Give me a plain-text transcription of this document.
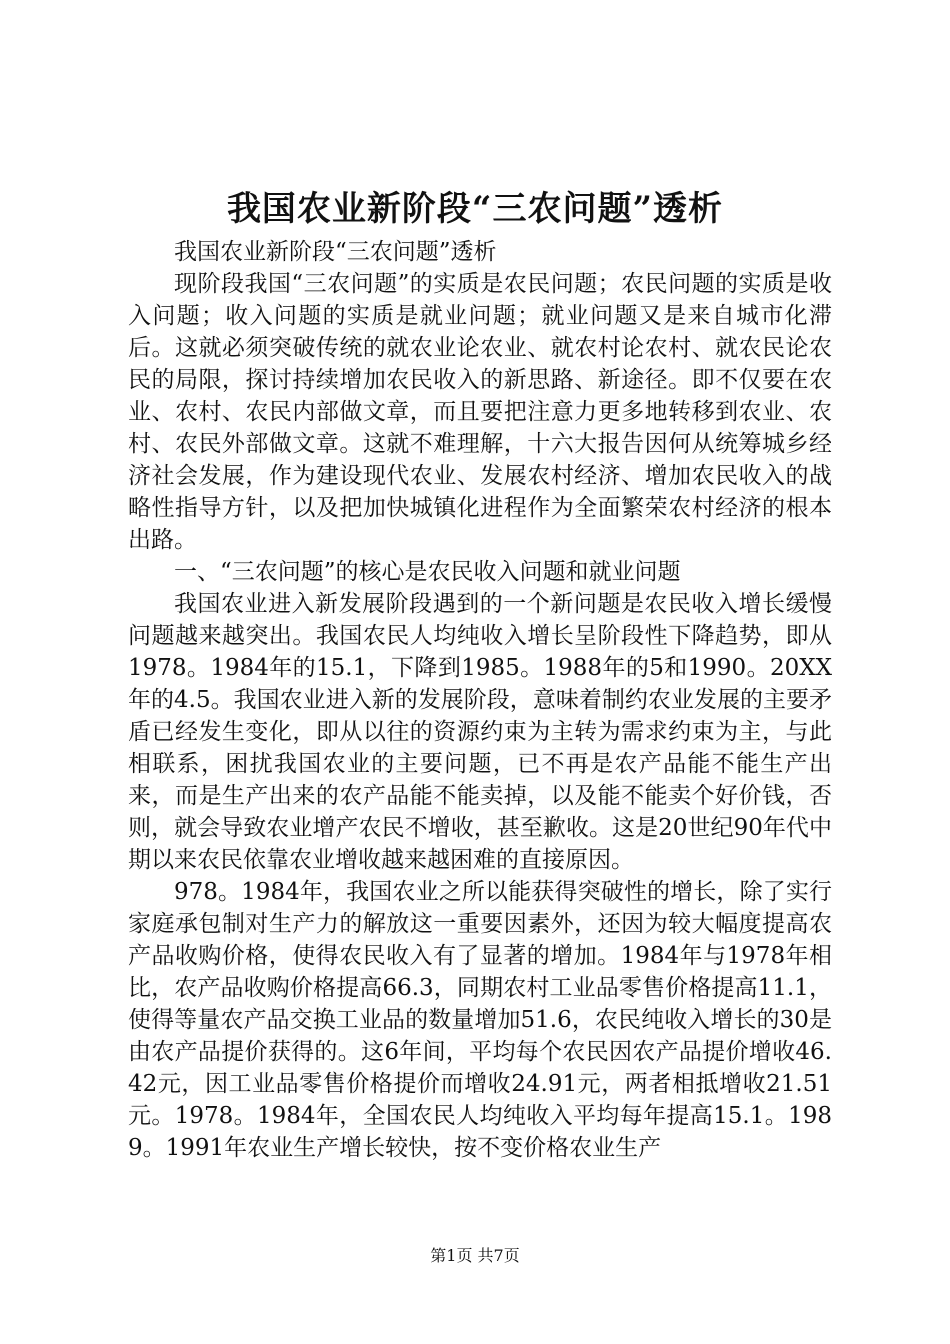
我国农业新阶段“三农问题”透析

我国农业新阶段“三农问题”透析

现阶段我国“三农问题”的实质是农民问题；农民问题的实质是收入问题；收入问题的实质是就业问题；就业问题又是来自城市化滞后。这就必须突破传统的就农业论农业、就农村论农村、就农民论农民的局限，探讨持续增加农民收入的新思路、新途径。即不仅要在农业、农村、农民内部做文章，而且要把注意力更多地转移到农业、农村、农民外部做文章。这就不难理解，十六大报告因何从统筹城乡经济社会发展，作为建设现代农业、发展农村经济、增加农民收入的战略性指导方针，以及把加快城镇化进程作为全面繁荣农村经济的根本出路。

一、“三农问题”的核心是农民收入问题和就业问题

我国农业进入新发展阶段遇到的一个新问题是农民收入增长缓慢问题越来越突出。我国农民人均纯收入增长呈阶段性下降趋势，即从1978。1984年的15.1，下降到1985。1988年的5和1990。20XX年的4.5。我国农业进入新的发展阶段，意味着制约农业发展的主要矛盾已经发生变化，即从以往的资源约束为主转为需求约束为主，与此相联系，困扰我国农业的主要问题，已不再是农产品能不能生产出来，而是生产出来的农产品能不能卖掉，以及能不能卖个好价钱，否则，就会导致农业增产农民不增收，甚至歉收。这是20世纪90年代中期以来农民依靠农业增收越来越困难的直接原因。

978。1984年，我国农业之所以能获得突破性的增长，除了实行家庭承包制对生产力的解放这一重要因素外，还因为较大幅度提高农产品收购价格，使得农民收入有了显著的增加。1984年与1978年相比，农产品收购价格提高66.3，同期农村工业品零售价格提高11.1，使得等量农产品交换工业品的数量增加51.6，农民纯收入增长的30是由农产品提价获得的。这6年间，平均每个农民因农产品提价增收46.42元，因工业品零售价格提价而增收24.91元，两者相抵增收21.51元。1978。1984年，全国农民人均纯收入平均每年提高15.1。1989。1991年农业生产增长较快，按不变价格农业生产

第1页 共7页
